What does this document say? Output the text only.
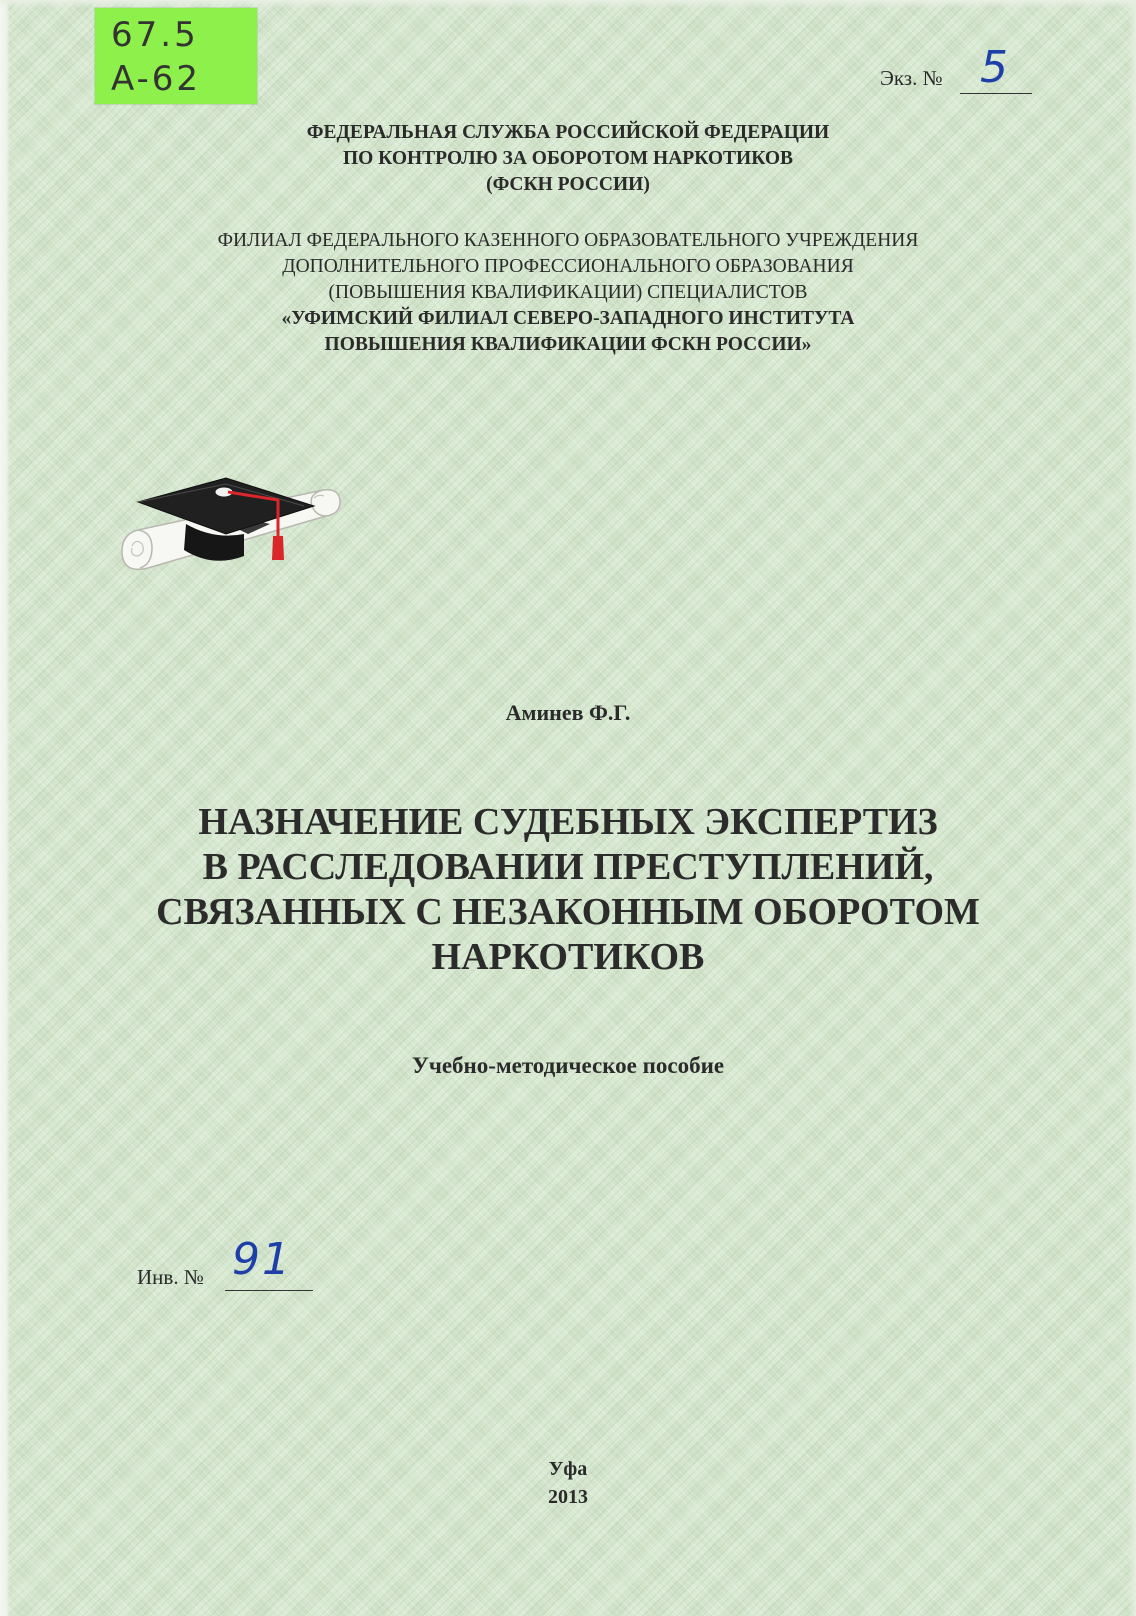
67.5
A-62	Экз. № 5
ФЕДЕРАЛЬНАЯ СЛУЖБА РОССИЙСКОЙ ФЕДЕРАЦИИ
ПО КОНТРОЛЮ ЗА ОБОРОТОМ НАРКОТИКОВ
(ФСКН РОССИИ)
ФИЛИАЛ ФЕДЕРАЛЬНОГО КАЗЕННОГО ОБРАЗОВАТЕЛЬНОГО УЧРЕЖДЕНИЯ
ДОПОЛНИТЕЛЬНОГО ПРОФЕССИОНАЛЬНОГО ОБРАЗОВАНИЯ
(ПОВЫШЕНИЯ КВАЛИФИКАЦИИ) СПЕЦИАЛИСТОВ
«УФИМСКИЙ ФИЛИАЛ СЕВЕРО-ЗАПАДНОГО ИНСТИТУТА
ПОВЫШЕНИЯ КВАЛИФИКАЦИИ ФСКН РОССИИ»
Аминев Ф.Г.
НАЗНАЧЕНИЕ СУДЕБНЫХ ЭКСПЕРТИЗ
В РАССЛЕДОВАНИИ ПРЕСТУПЛЕНИЙ,
СВЯЗАННЫХ С НЕЗАКОННЫМ ОБОРОТОМ
НАРКОТИКОВ
Учебно-методическое пособие
Инв. № 91
Уфа
2013
